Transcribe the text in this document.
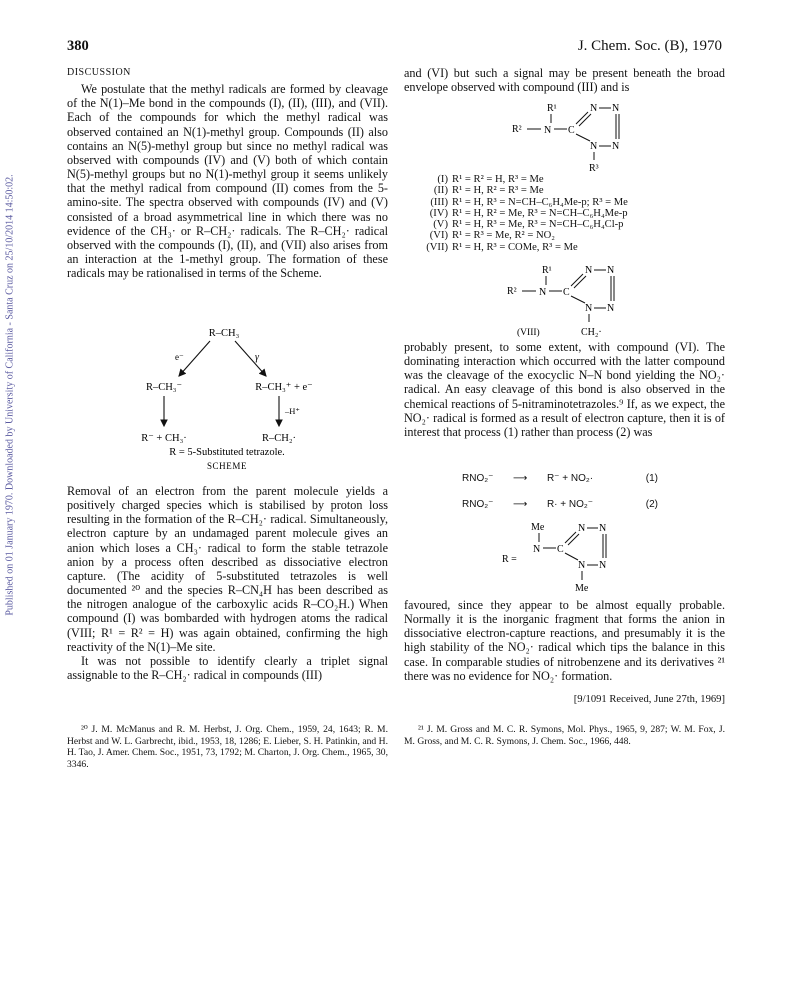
380	J. Chem. Soc. (B), 1970
Published on 01 January 1970. Downloaded by University of California - Santa Cruz on 25/10/2014 14:50:02.

DISCUSSION

We postulate that the methyl radicals are formed by cleavage of the N(1)–Me bond in the compounds (I), (II), (III), and (VII). Each of the compounds for which the methyl radical was observed contained an N(1)-methyl group. Compounds (II) also contains an N(5)-methyl group but since no methyl radical was observed with compounds (IV) and (V) both of which contain N(5)-methyl groups but no N(1)-methyl group it seems unlikely that the methyl radical from compound (II) comes from the 5-amino-site. The spectra observed with compounds (IV) and (V) consisted of a broad asymmetrical line in which there was no evidence of the CH₃· or R–CH₂· radicals. The R–CH₂· radical observed with the compounds (I), (II), and (VII) also arises from an interaction at the 1-methyl group. The formation of these radicals may be rationalised in terms of the Scheme.

R–CH₃
e⁻	γ
R–CH₃⁻	R–CH₃⁺ + e⁻
–H⁺
R⁻ + CH₃·	R–CH₂·
R = 5-Substituted tetrazole.
SCHEME

Removal of an electron from the parent molecule yields a positively charged species which is stabilised by proton loss resulting in the formation of the R–CH₂· radical. Simultaneously, electron capture by an undamaged parent molecule gives an anion which loses a CH₃· radical to form the stable tetrazole anion by a process often described as dissociative electron capture. (The acidity of 5-substituted tetrazoles is well documented ²⁰ and the species R–CN₄H has been described as the nitrogen analogue of the carboxylic acids R–CO₂H.) When compound (I) was bombarded with hydrogen atoms the radical (VIII; R¹ = R² = H) was again obtained, confirming the high reactivity of the N(1)–Me site.

It was not possible to identify clearly a triplet signal assignable to the R–CH₂· radical in compounds (III)

²⁰ J. M. McManus and R. M. Herbst, J. Org. Chem., 1959, 24, 1643; R. M. Herbst and W. L. Garbrecht, ibid., 1953, 18, 1286; E. Lieber, S. H. Patinkin, and H. H. Tao, J. Amer. Chem. Soc., 1951, 73, 1792; M. Charton, J. Org. Chem., 1965, 30, 3346.

and (VI) but such a signal may be present beneath the broad envelope observed with compound (III) and is

R¹
R² N C
N N
N
N
R³
(I) R¹ = R² = H, R³ = Me
(II) R¹ = H, R² = R³ = Me
(III) R¹ = H, R³ = N=CH–C₆H₄Me-p; R³ = Me
(IV) R¹ = H, R² = Me, R³ = N=CH–C₆H₄Me-p
(V) R¹ = H, R³ = Me, R³ = N=CH–C₆H₄Cl-p
(VI) R¹ = R³ = Me, R² = NO₂
(VII) R¹ = H, R³ = COMe, R³ = Me
R¹
R² N C
N N
N
N
(VIII)	CH₂·

probably present, to some extent, with compound (VI). The dominating interaction which occurred with the latter compound was the cleavage of the exocyclic N–N bond yielding the NO₂· radical. An easy cleavage of this bond is also observed in the chemical reactions of 5-nitraminotetrazoles.⁹ If, as we expect, the NO₂· radical is formed as a result of electron capture, then it is of interest that process (1) rather than process (2) was

RNO₂⁻ ⟶ R⁻ + NO₂·	(1)
RNO₂⁻ ⟶ R· + NO₂⁻	(2)
Me
R =
N C
N N
N
N
Me

favoured, since they appear to be almost equally probable. Normally it is the inorganic fragment that forms the anion in dissociative electron-capture reactions, and presumably it is the high stability of the NO₂· radical which tips the balance in this case. In comparable studies of nitrobenzene and its derivatives ²¹ there was no evidence for NO₂· formation.

[9/1091 Received, June 27th, 1969]

²¹ J. M. Gross and M. C. R. Symons, Mol. Phys., 1965, 9, 287; W. M. Fox, J. M. Gross, and M. C. R. Symons, J. Chem. Soc., 1966, 448.
